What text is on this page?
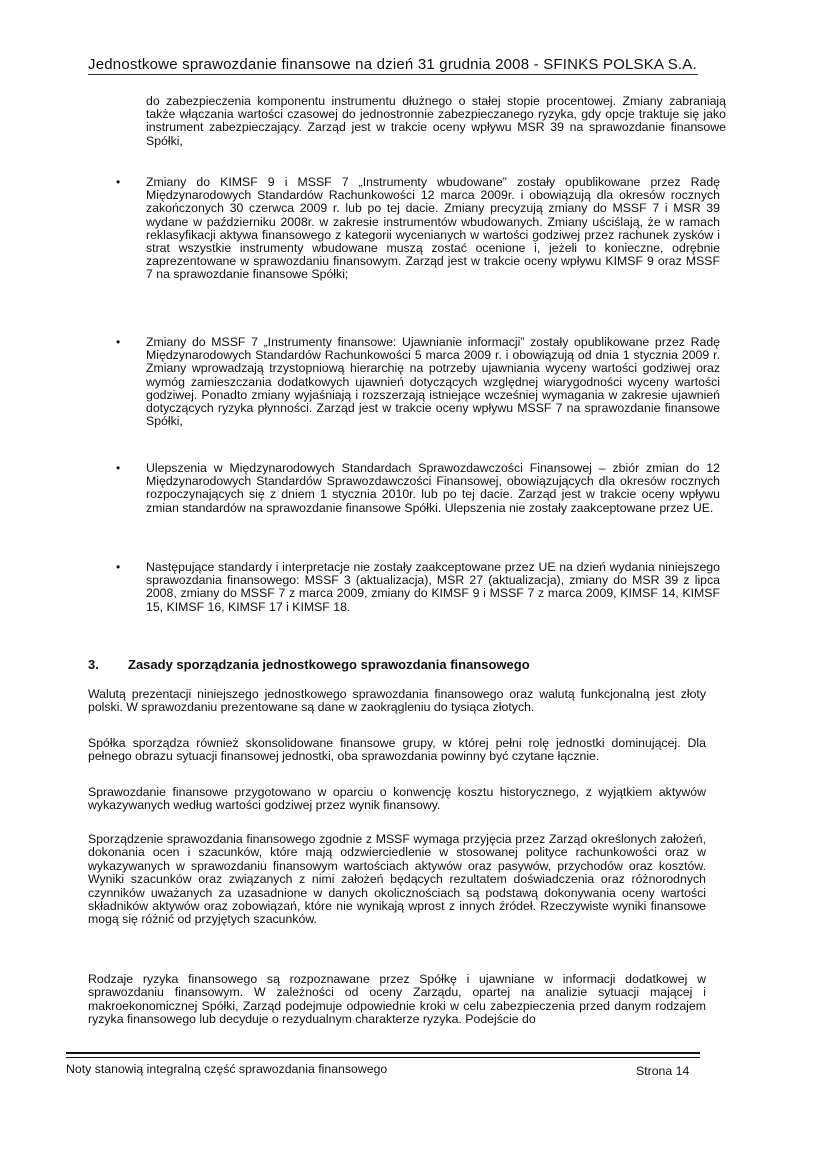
Jednostkowe sprawozdanie finansowe na dzień 31 grudnia 2008 - SFINKS POLSKA S.A.
do zabezpieczenia komponentu instrumentu dłużnego o stałej stopie procentowej. Zmiany zabraniają także włączania wartości czasowej do jednostronnie zabezpieczanego ryzyka, gdy opcje traktuje się jako instrument zabezpieczający. Zarząd jest w trakcie oceny wpływu MSR 39 na sprawozdanie finansowe Spółki,
• Zmiany do KIMSF 9 i MSSF 7 „Instrumenty wbudowane” zostały opublikowane przez Radę Międzynarodowych Standardów Rachunkowości 12 marca 2009r. i obowiązują dla okresów rocznych zakończonych 30 czerwca 2009 r. lub po tej dacie. Zmiany precyzują zmiany do MSSF 7 i MSR 39 wydane w październiku 2008r. w zakresie instrumentów wbudowanych. Zmiany uściślają, że w ramach reklasyfikacji aktywa finansowego z kategorii wycenianych w wartości godziwej przez rachunek zysków i strat wszystkie instrumenty wbudowane muszą zostać ocenione i, jeżeli to konieczne, odrębnie zaprezentowane w sprawozdaniu finansowym. Zarząd jest w trakcie oceny wpływu KIMSF 9 oraz MSSF 7 na sprawozdanie finansowe Spółki;
• Zmiany do MSSF 7 „Instrumenty finansowe: Ujawnianie informacji” zostały opublikowane przez Radę Międzynarodowych Standardów Rachunkowości 5 marca 2009 r. i obowiązują od dnia 1 stycznia 2009 r. Zmiany wprowadzają trzystopniową hierarchię na potrzeby ujawniania wyceny wartości godziwej oraz wymóg zamieszczania dodatkowych ujawnień dotyczących względnej wiarygodności wyceny wartości godziwej. Ponadto zmiany wyjaśniają i rozszerzają istniejące wcześniej wymagania w zakresie ujawnień dotyczących ryzyka płynności. Zarząd jest w trakcie oceny wpływu MSSF 7 na sprawozdanie finansowe Spółki,
• Ulepszenia w Międzynarodowych Standardach Sprawozdawczości Finansowej – zbiór zmian do 12 Międzynarodowych Standardów Sprawozdawczości Finansowej, obowiązujących dla okresów rocznych rozpoczynających się z dniem 1 stycznia 2010r. lub po tej dacie. Zarząd jest w trakcie oceny wpływu zmian standardów na sprawozdanie finansowe Spółki. Ulepszenia nie zostały zaakceptowane przez UE.
• Następujące standardy i interpretacje nie zostały zaakceptowane przez UE na dzień wydania niniejszego sprawozdania finansowego: MSSF 3 (aktualizacja), MSR 27 (aktualizacja), zmiany do MSR 39 z lipca 2008, zmiany do MSSF 7 z marca 2009, zmiany do KIMSF 9 i MSSF 7 z marca 2009, KIMSF 14, KIMSF 15, KIMSF 16, KIMSF 17 i KIMSF 18.
3. Zasady sporządzania jednostkowego sprawozdania finansowego
Walutą prezentacji niniejszego jednostkowego sprawozdania finansowego oraz walutą funkcjonalną jest złoty polski. W sprawozdaniu prezentowane są dane w zaokrągleniu do tysiąca złotych.
Spółka sporządza również skonsolidowane finansowe grupy, w której pełni rolę jednostki dominującej. Dla pełnego obrazu sytuacji finansowej jednostki, oba sprawozdania powinny być czytane łącznie.
Sprawozdanie finansowe przygotowano w oparciu o konwencję kosztu historycznego, z wyjątkiem aktywów wykazywanych według wartości godziwej przez wynik finansowy.
Sporządzenie sprawozdania finansowego zgodnie z MSSF wymaga przyjęcia przez Zarząd określonych założeń, dokonania ocen i szacunków, które mają odzwierciedlenie w stosowanej polityce rachunkowości oraz w wykazywanych w sprawozdaniu finansowym wartościach aktywów oraz pasywów, przychodów oraz kosztów. Wyniki szacunków oraz związanych z nimi założeń będących rezultatem doświadczenia oraz różnorodnych czynników uważanych za uzasadnione w danych okolicznościach są podstawą dokonywania oceny wartości składników aktywów oraz zobowiązań, które nie wynikają wprost z innych źródeł. Rzeczywiste wyniki finansowe mogą się różnić od przyjętych szacunków.
Rodzaje ryzyka finansowego są rozpoznawane przez Spółkę i ujawniane w informacji dodatkowej w sprawozdaniu finansowym. W zależności od oceny Zarządu, opartej na analizie sytuacji mającej i makroekonomicznej Spółki, Zarząd podejmuje odpowiednie kroki w celu zabezpieczenia przed danym rodzajem ryzyka finansowego lub decyduje o rezydualnym charakterze ryzyka. Podejście do
Noty stanowią integralną część sprawozdania finansowego	Strona 14
